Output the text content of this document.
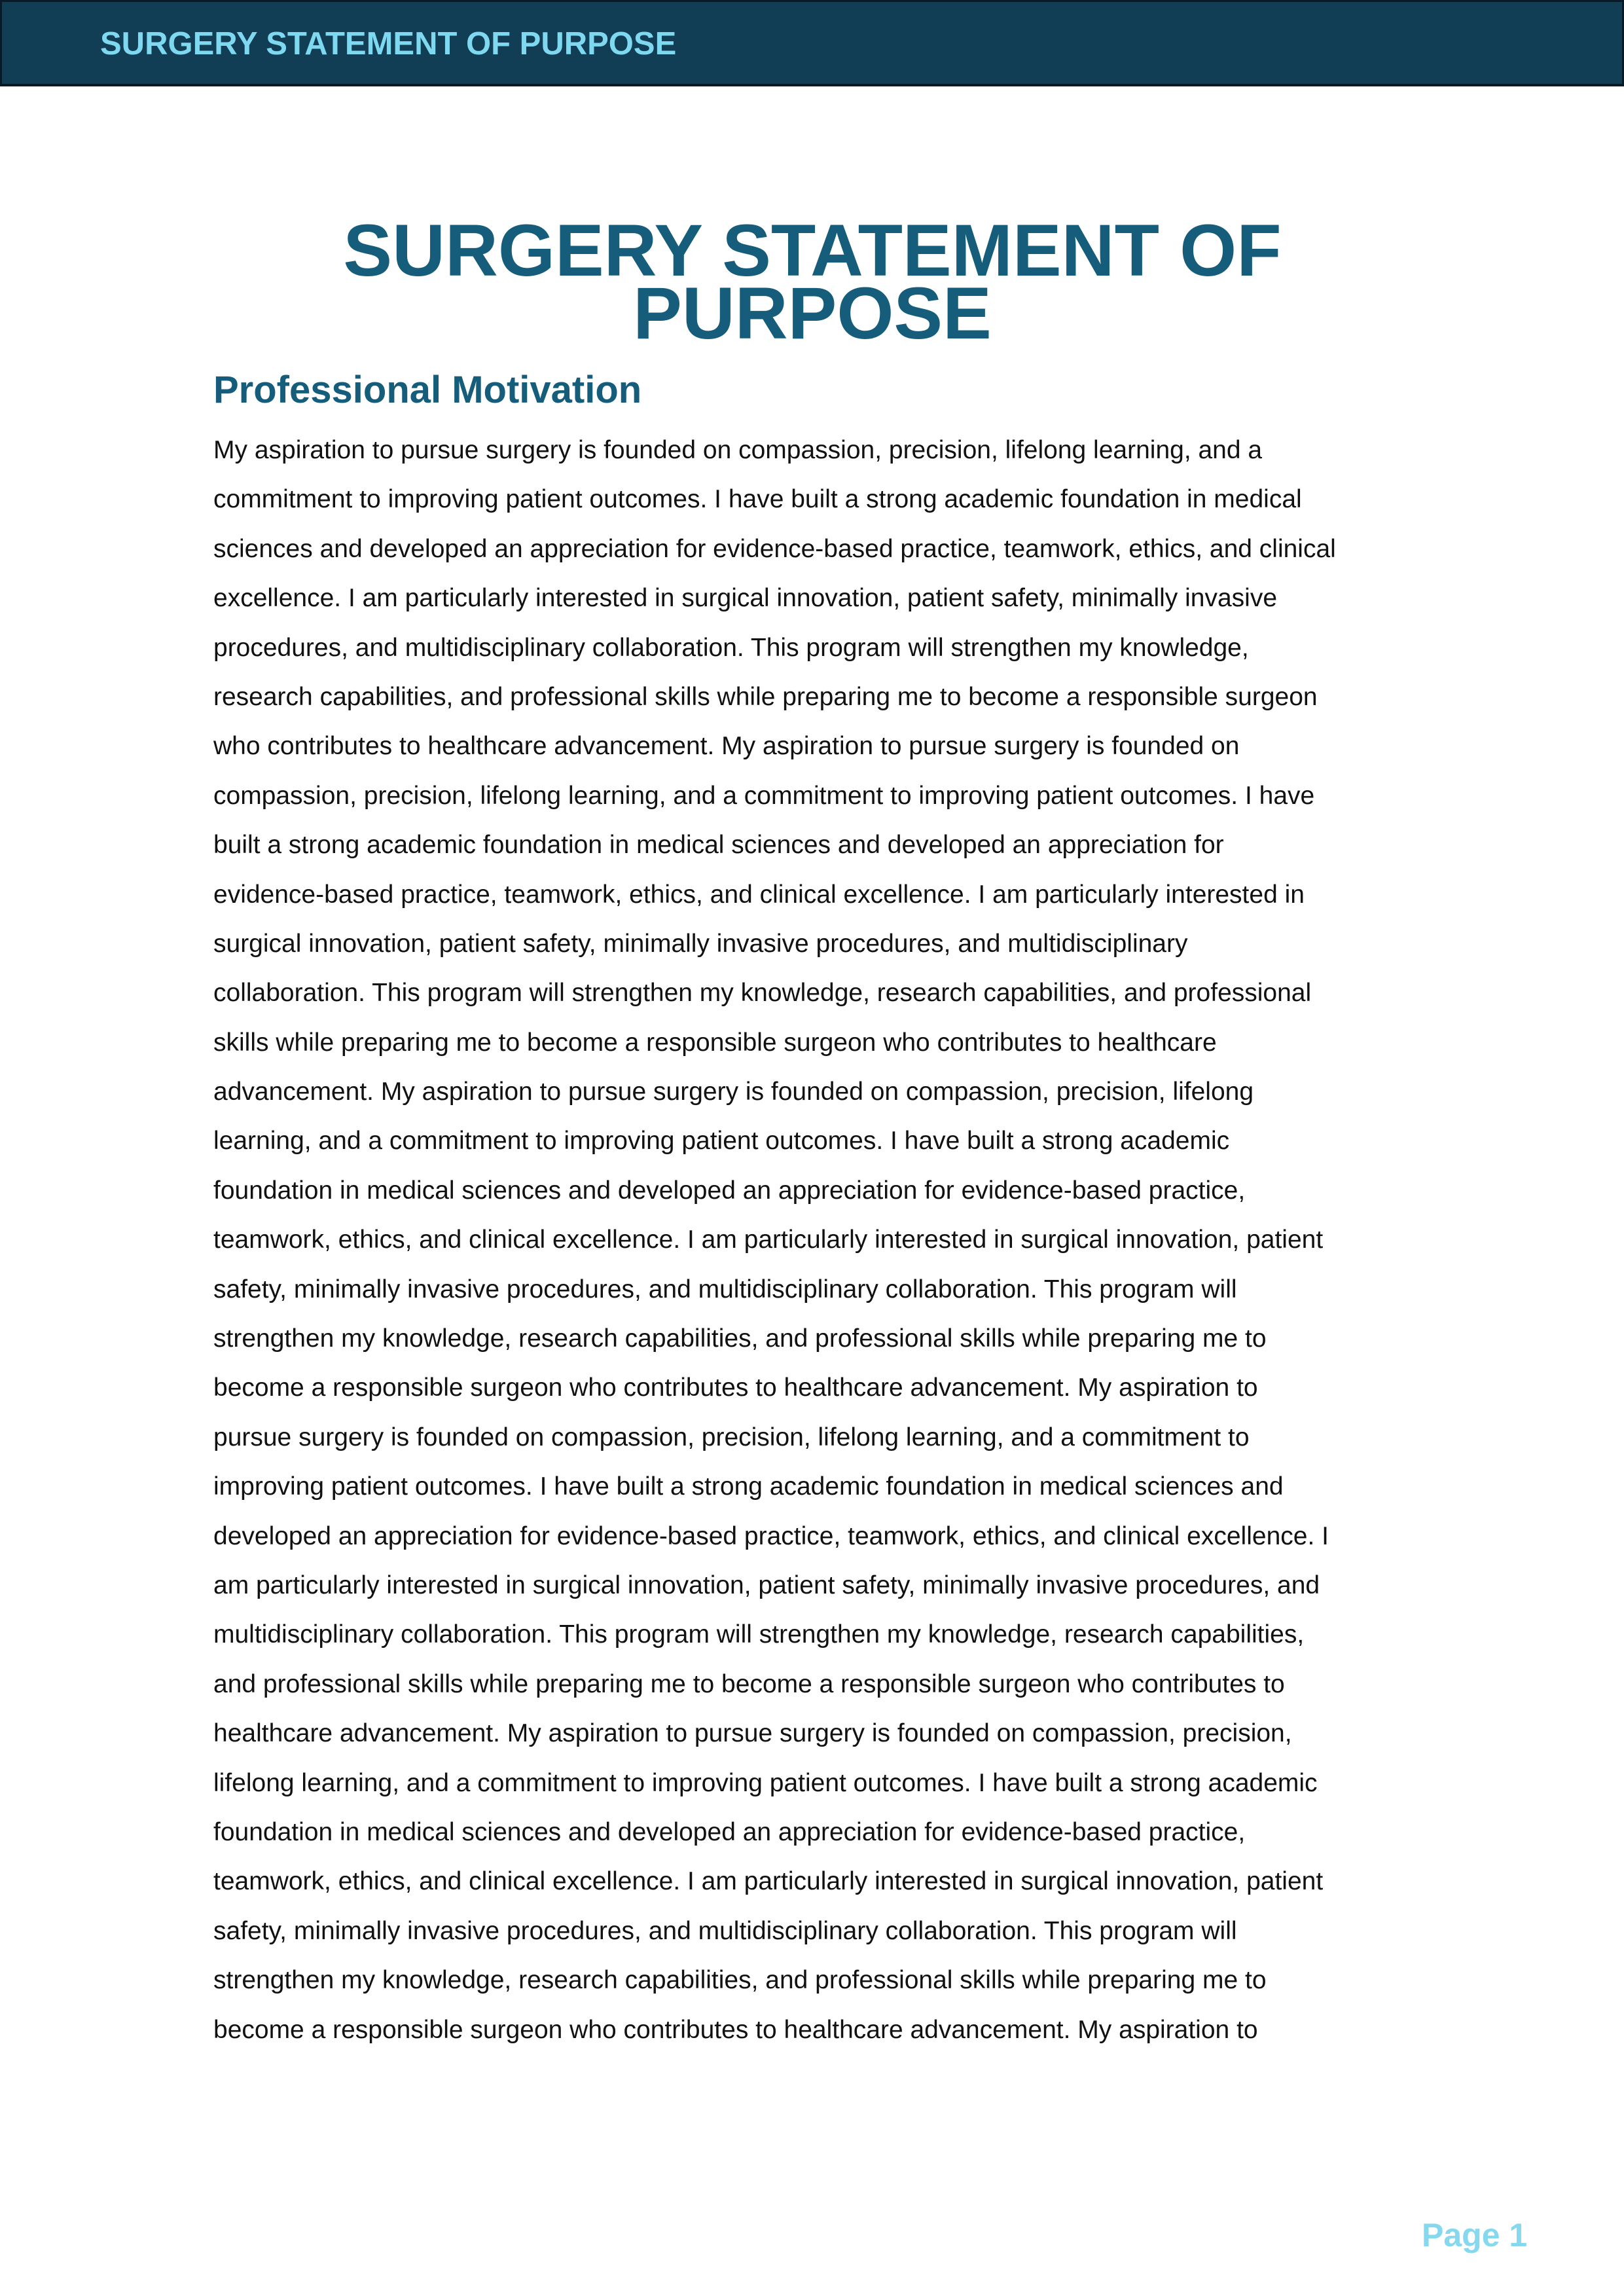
SURGERY STATEMENT OF PURPOSE
SURGERY STATEMENT OF PURPOSE
Professional Motivation
My aspiration to pursue surgery is founded on compassion, precision, lifelong learning, and a
commitment to improving patient outcomes. I have built a strong academic foundation in medical
sciences and developed an appreciation for evidence-based practice, teamwork, ethics, and clinical
excellence. I am particularly interested in surgical innovation, patient safety, minimally invasive
procedures, and multidisciplinary collaboration. This program will strengthen my knowledge,
research capabilities, and professional skills while preparing me to become a responsible surgeon
who contributes to healthcare advancement. My aspiration to pursue surgery is founded on
compassion, precision, lifelong learning, and a commitment to improving patient outcomes. I have
built a strong academic foundation in medical sciences and developed an appreciation for
evidence-based practice, teamwork, ethics, and clinical excellence. I am particularly interested in
surgical innovation, patient safety, minimally invasive procedures, and multidisciplinary
collaboration. This program will strengthen my knowledge, research capabilities, and professional
skills while preparing me to become a responsible surgeon who contributes to healthcare
advancement. My aspiration to pursue surgery is founded on compassion, precision, lifelong
learning, and a commitment to improving patient outcomes. I have built a strong academic
foundation in medical sciences and developed an appreciation for evidence-based practice,
teamwork, ethics, and clinical excellence. I am particularly interested in surgical innovation, patient
safety, minimally invasive procedures, and multidisciplinary collaboration. This program will
strengthen my knowledge, research capabilities, and professional skills while preparing me to
become a responsible surgeon who contributes to healthcare advancement. My aspiration to
pursue surgery is founded on compassion, precision, lifelong learning, and a commitment to
improving patient outcomes. I have built a strong academic foundation in medical sciences and
developed an appreciation for evidence-based practice, teamwork, ethics, and clinical excellence. I
am particularly interested in surgical innovation, patient safety, minimally invasive procedures, and
multidisciplinary collaboration. This program will strengthen my knowledge, research capabilities,
and professional skills while preparing me to become a responsible surgeon who contributes to
healthcare advancement. My aspiration to pursue surgery is founded on compassion, precision,
lifelong learning, and a commitment to improving patient outcomes. I have built a strong academic
foundation in medical sciences and developed an appreciation for evidence-based practice,
teamwork, ethics, and clinical excellence. I am particularly interested in surgical innovation, patient
safety, minimally invasive procedures, and multidisciplinary collaboration. This program will
strengthen my knowledge, research capabilities, and professional skills while preparing me to
become a responsible surgeon who contributes to healthcare advancement. My aspiration to
Page 1
